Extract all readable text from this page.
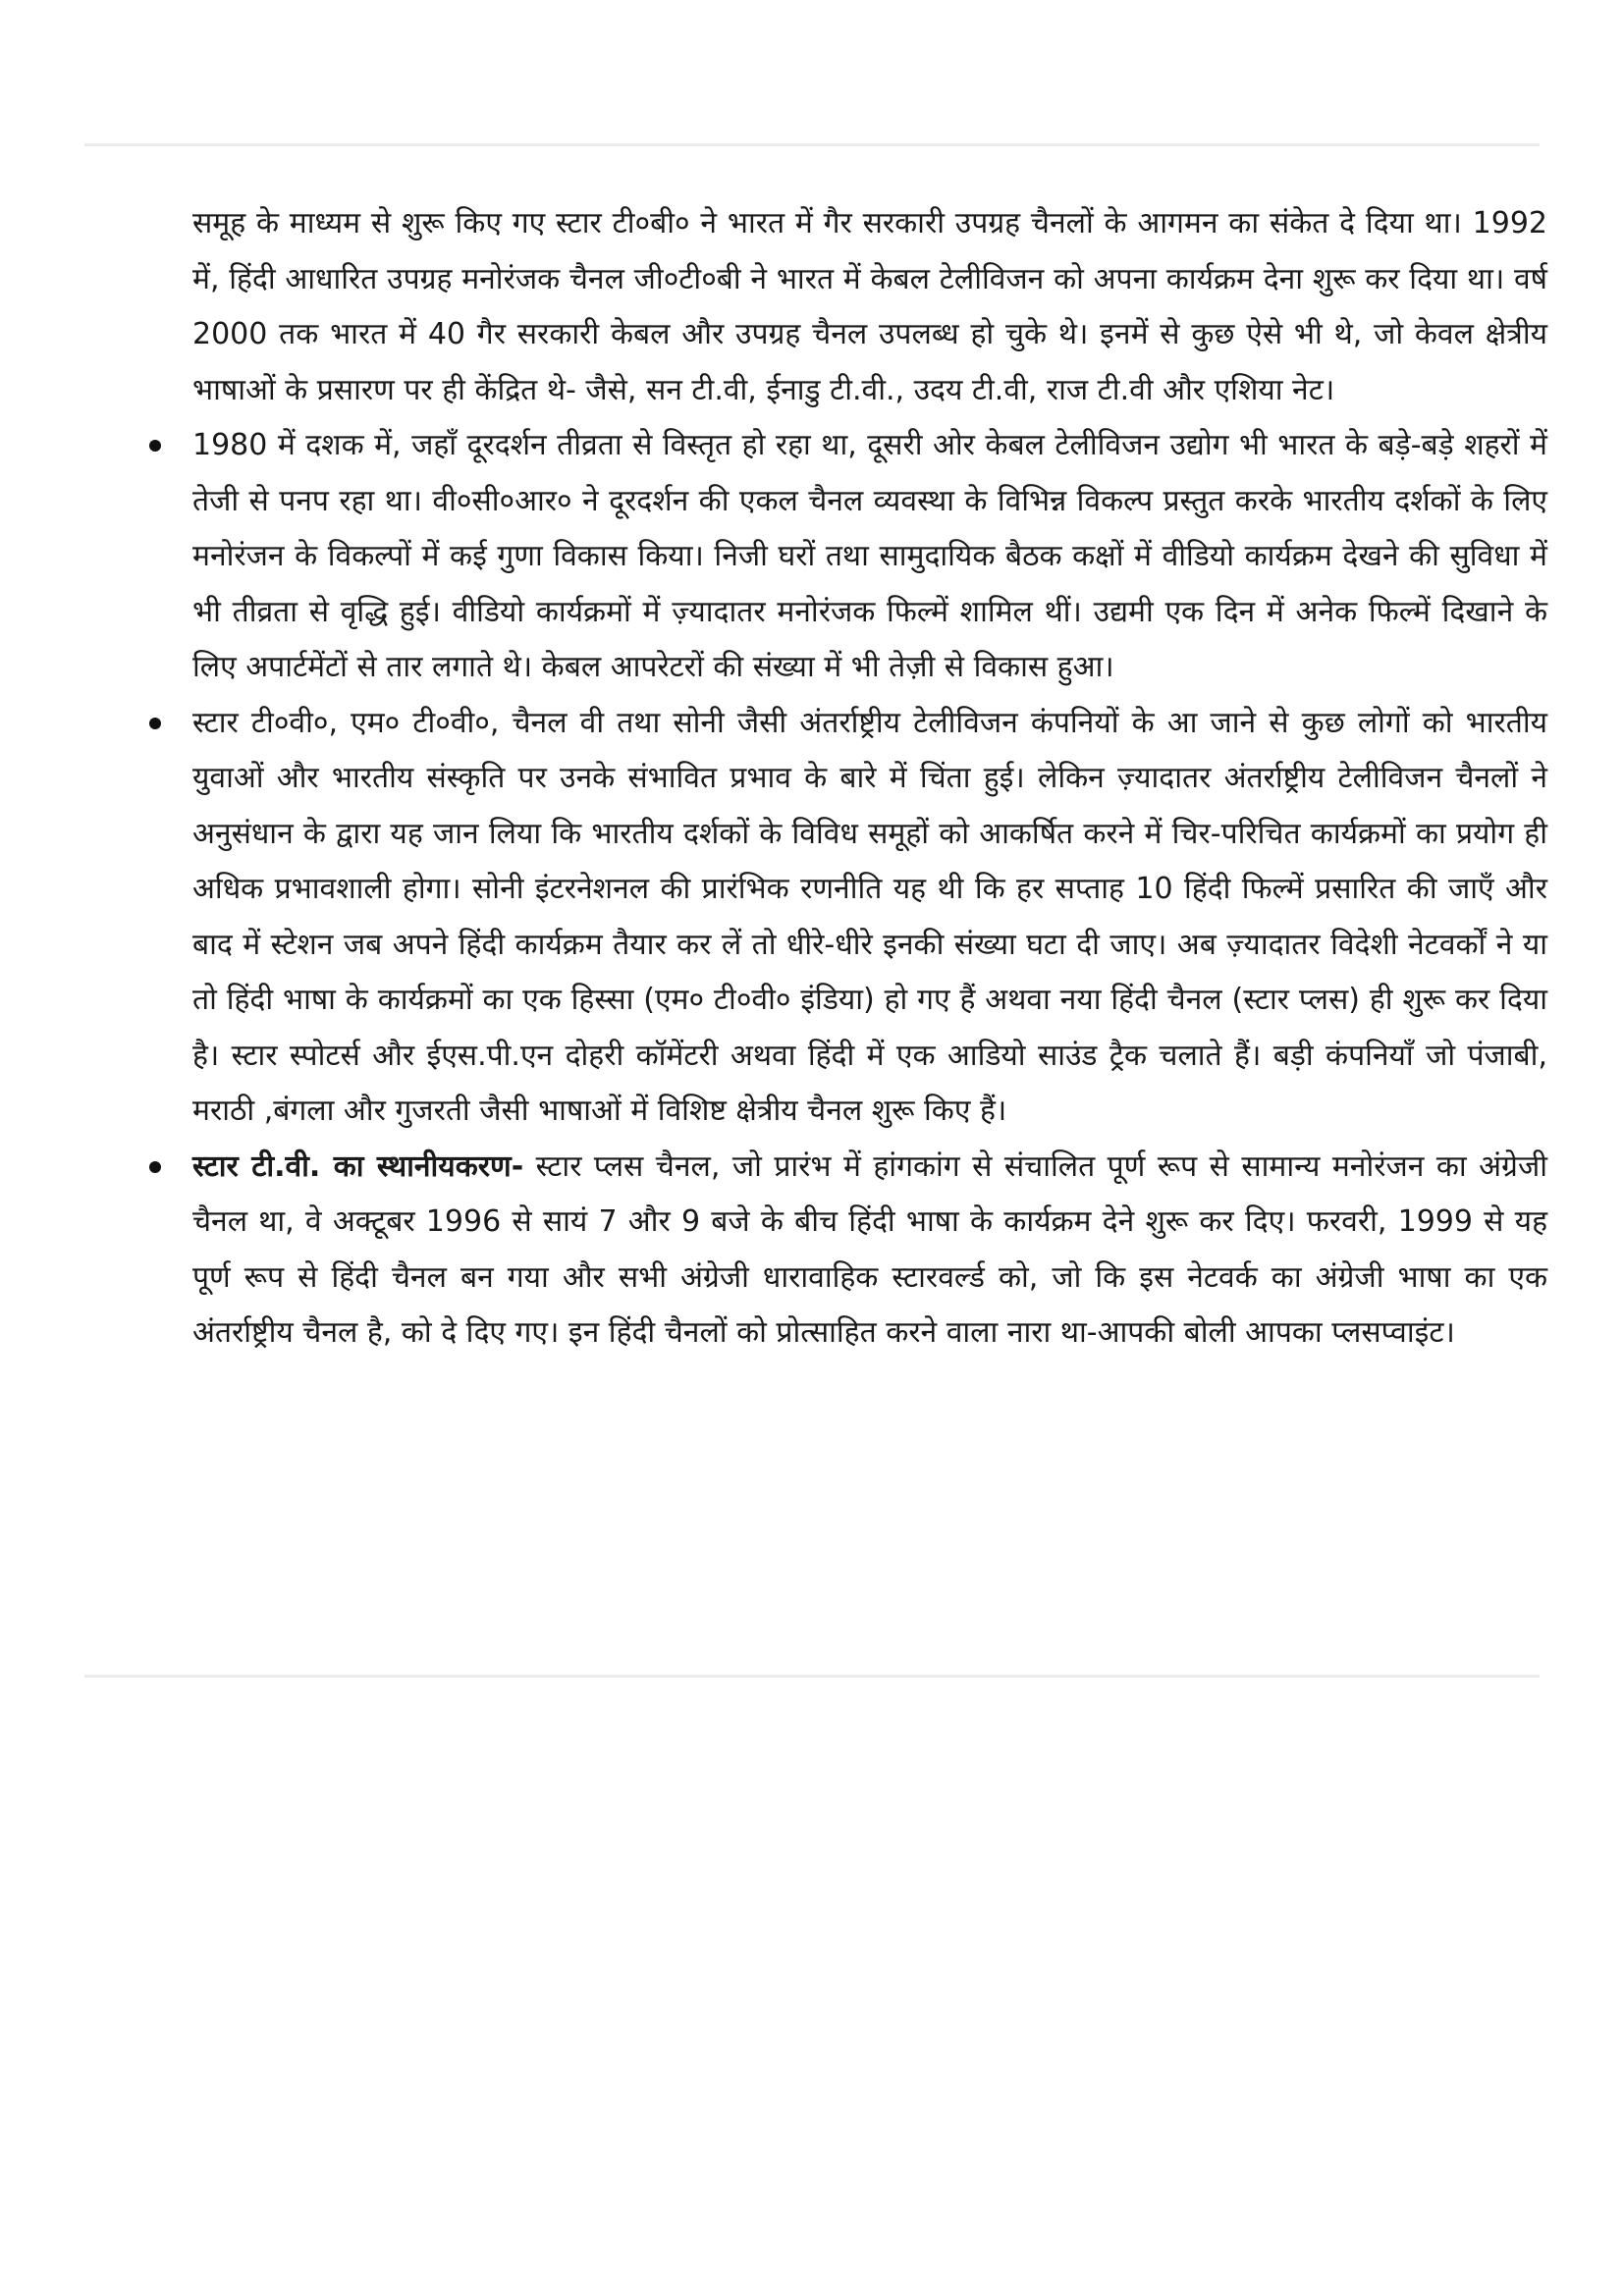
समूह के माध्यम से शुरू किए गए स्टार टी०बी० ने भारत में गैर सरकारी उपग्रह चैनलों के आगमन का संकेत दे दिया था। 1992 में, हिंदी आधारित उपग्रह मनोरंजक चैनल जी०टी०बी ने भारत में केबल टेलीविजन को अपना कार्यक्रम देना शुरू कर दिया था। वर्ष 2000 तक भारत में 40 गैर सरकारी केबल और उपग्रह चैनल उपलब्ध हो चुके थे। इनमें से कुछ ऐसे भी थे, जो केवल क्षेत्रीय भाषाओं के प्रसारण पर ही केंद्रित थे- जैसे, सन टी.वी, ईनाडु टी.वी., उदय टी.वी, राज टी.वी और एशिया नेट।

1980 में दशक में, जहाँ दूरदर्शन तीव्रता से विस्तृत हो रहा था, दूसरी ओर केबल टेलीविजन उद्योग भी भारत के बड़े-बड़े शहरों में तेजी से पनप रहा था। वी०सी०आर० ने दूरदर्शन की एकल चैनल व्यवस्था के विभिन्न विकल्प प्रस्तुत करके भारतीय दर्शकों के लिए मनोरंजन के विकल्पों में कई गुणा विकास किया। निजी घरों तथा सामुदायिक बैठक कक्षों में वीडियो कार्यक्रम देखने की सुविधा में भी तीव्रता से वृद्धि हुई। वीडियो कार्यक्रमों में ज़्यादातर मनोरंजक फिल्में शामिल थीं। उद्यमी एक दिन में अनेक फिल्में दिखाने के लिए अपार्टमेंटों से तार लगाते थे। केबल आपरेटरों की संख्या में भी तेज़ी से विकास हुआ।
स्टार टी०वी०, एम० टी०वी०, चैनल वी तथा सोनी जैसी अंतर्राष्ट्रीय टेलीविजन कंपनियों के आ जाने से कुछ लोगों को भारतीय युवाओं और भारतीय संस्कृति पर उनके संभावित प्रभाव के बारे में चिंता हुई। लेकिन ज़्यादातर अंतर्राष्ट्रीय टेलीविजन चैनलों ने अनुसंधान के द्वारा यह जान लिया कि भारतीय दर्शकों के विविध समूहों को आकर्षित करने में चिर-परिचित कार्यक्रमों का प्रयोग ही अधिक प्रभावशाली होगा। सोनी इंटरनेशनल की प्रारंभिक रणनीति यह थी कि हर सप्ताह 10 हिंदी फिल्में प्रसारित की जाएँ और बाद में स्टेशन जब अपने हिंदी कार्यक्रम तैयार कर लें तो धीरे-धीरे इनकी संख्या घटा दी जाए। अब ज़्यादातर विदेशी नेटवर्कों ने या तो हिंदी भाषा के कार्यक्रमों का एक हिस्सा (एम० टी०वी० इंडिया) हो गए हैं अथवा नया हिंदी चैनल (स्टार प्लस) ही शुरू कर दिया है। स्टार स्पोटर्स और ईएस.पी.एन दोहरी कॉमेंटरी अथवा हिंदी में एक आडियो साउंड ट्रैक चलाते हैं। बड़ी कंपनियाँ जो पंजाबी, मराठी ,बंगला और गुजरती जैसी भाषाओं में विशिष्ट क्षेत्रीय चैनल शुरू किए हैं।
स्टार टी.वी. का स्थानीयकरण- स्टार प्लस चैनल, जो प्रारंभ में हांगकांग से संचालित पूर्ण रूप से सामान्य मनोरंजन का अंग्रेजी चैनल था, वे अक्टूबर 1996 से सायं 7 और 9 बजे के बीच हिंदी भाषा के कार्यक्रम देने शुरू कर दिए। फरवरी, 1999 से यह पूर्ण रूप से हिंदी चैनल बन गया और सभी अंग्रेजी धारावाहिक स्टारवर्ल्ड को, जो कि इस नेटवर्क का अंग्रेजी भाषा का एक अंतर्राष्ट्रीय चैनल है, को दे दिए गए। इन हिंदी चैनलों को प्रोत्साहित करने वाला नारा था-आपकी बोली आपका प्लसप्वाइंट।
